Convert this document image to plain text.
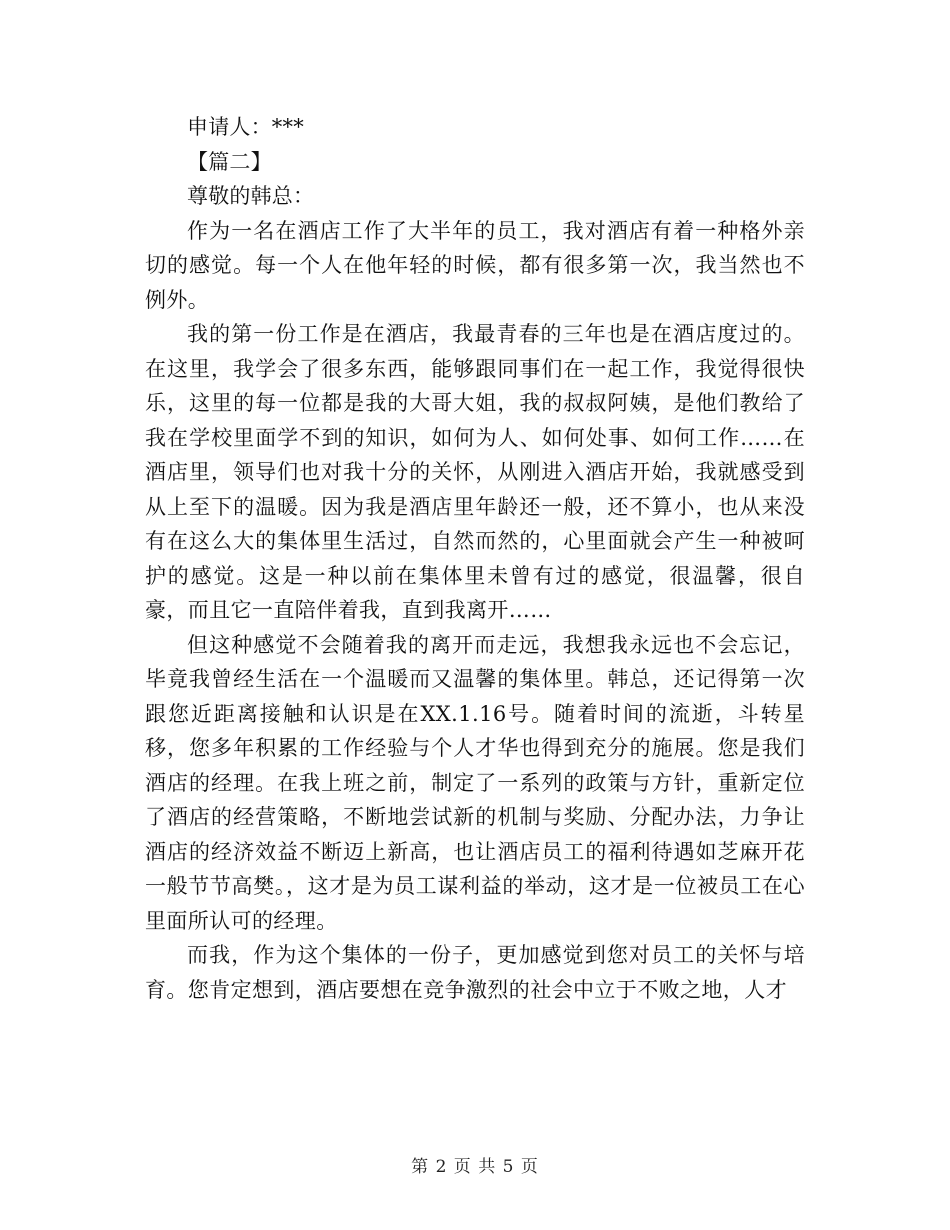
申请人：***
【篇二】
尊敬的韩总：

作为一名在酒店工作了大半年的员工，我对酒店有着一种格外亲切的感觉。每一个人在他年轻的时候，都有很多第一次，我当然也不例外。

我的第一份工作是在酒店，我最青春的三年也是在酒店度过的。在这里，我学会了很多东西，能够跟同事们在一起工作，我觉得很快乐，这里的每一位都是我的大哥大姐，我的叔叔阿姨，是他们教给了我在学校里面学不到的知识，如何为人、如何处事、如何工作……在酒店里，领导们也对我十分的关怀，从刚进入酒店开始，我就感受到从上至下的温暖。因为我是酒店里年龄还一般，还不算小，也从来没有在这么大的集体里生活过，自然而然的，心里面就会产生一种被呵护的感觉。这是一种以前在集体里未曾有过的感觉，很温馨，很自豪，而且它一直陪伴着我，直到我离开……

但这种感觉不会随着我的离开而走远，我想我永远也不会忘记，毕竟我曾经生活在一个温暖而又温馨的集体里。韩总，还记得第一次跟您近距离接触和认识是在XX.1.16号。随着时间的流逝，斗转星移，您多年积累的工作经验与个人才华也得到充分的施展。您是我们酒店的经理。在我上班之前，制定了一系列的政策与方针，重新定位了酒店的经营策略，不断地尝试新的机制与奖励、分配办法，力争让酒店的经济效益不断迈上新高，也让酒店员工的福利待遇如芝麻开花一般节节高樊。，这才是为员工谋利益的举动，这才是一位被员工在心里面所认可的经理。

而我，作为这个集体的一份子，更加感觉到您对员工的关怀与培育。您肯定想到，酒店要想在竞争激烈的社会中立于不败之地，人才

第 2 页 共 5 页
